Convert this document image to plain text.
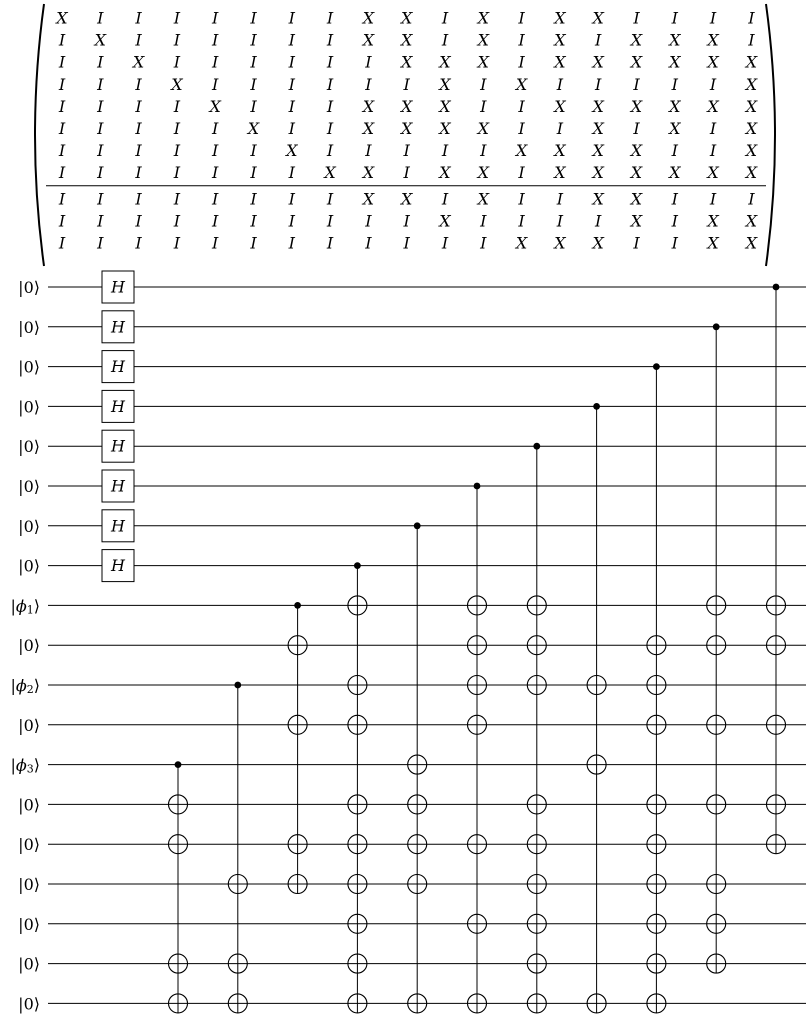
X I I I I I I I X X I X I X X I I I I
I X I I I I I I X X I X I X I X X X I
I I X I I I I I I X X X I X X X X X X
I I I X I I I I I I X I X I I I I I X
I I I I X I I I X X X I I X X X X X X
I I I I I X I I X X X X I I X I X I X
I I I I I I X I I I I I X X X X I I X
I I I I I I I X X I X X I X X X X X X
I I I I I I I I X X I X I I X X I I I
I I I I I I I I I I X I I I I X I X X
I I I I I I I I I I I I X X X I I X X
|0⟩
|0⟩
|0⟩
|0⟩
|0⟩
|0⟩
|0⟩
|0⟩
$|\phi_1⟩$
|0⟩
$|\phi_2⟩$
|0⟩
$|\phi_3⟩$
|0⟩
|0⟩
|0⟩
|0⟩
|0⟩
|0⟩
H
H
H
H
H
H
H
H
